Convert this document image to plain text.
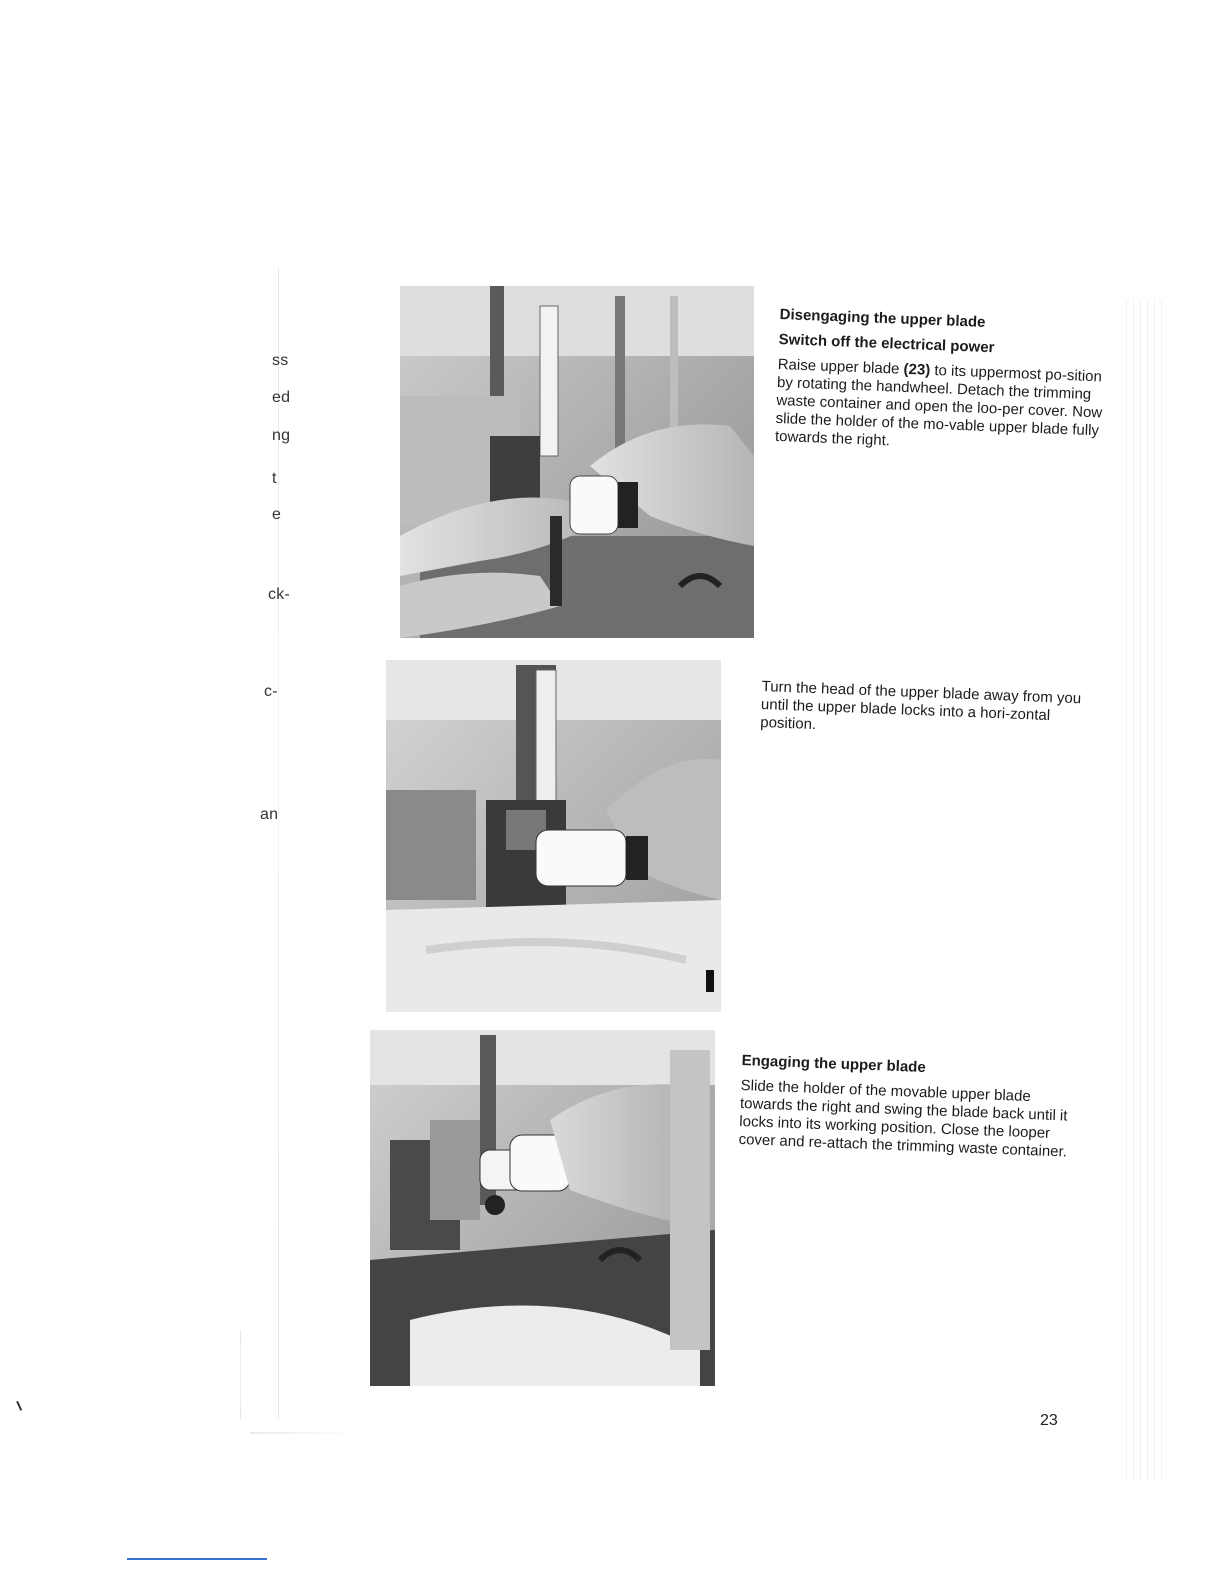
ss
ed
ng
t
e
ck-
c-
an

Disengaging the upper blade

Switch off the electrical power

Raise upper blade (23) to its uppermost po-sition by rotating the handwheel. Detach the trimming waste container and open the loo-per cover. Now slide the holder of the mo-vable upper blade fully towards the right.

Turn the head of the upper blade away from you until the upper blade locks into a hori-zontal position.

Engaging the upper blade

Slide the holder of the movable upper blade towards the right and swing the blade back until it locks into its working position. Close the looper cover and re-attach the trimming waste container.

23
